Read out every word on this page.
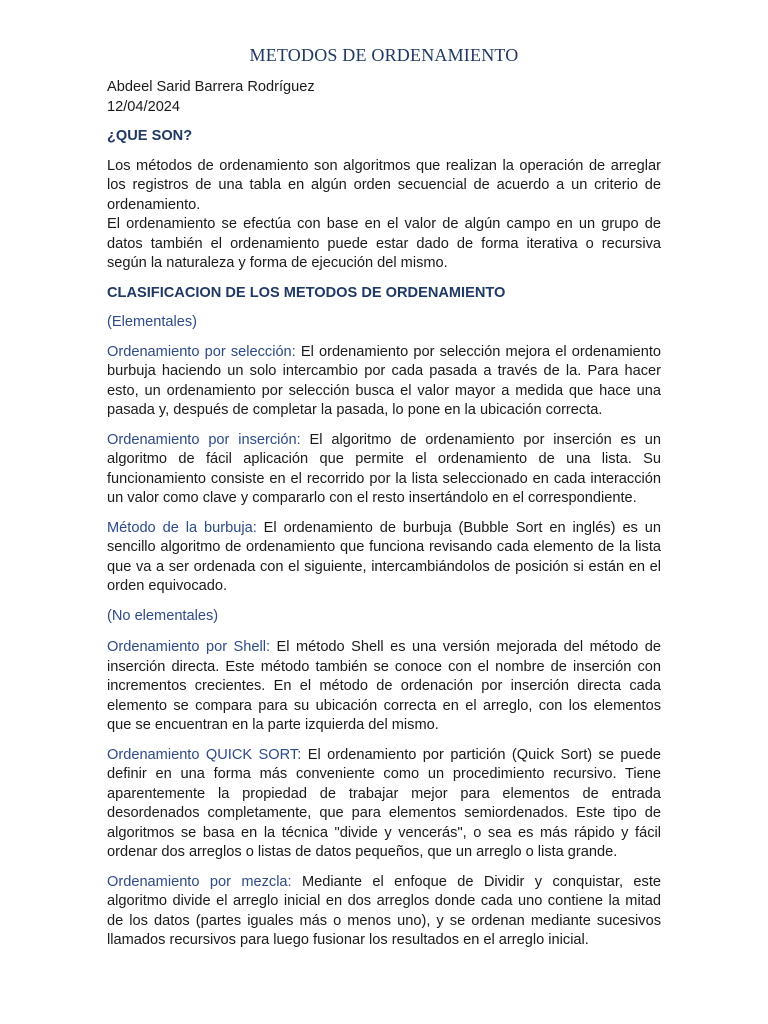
METODOS DE ORDENAMIENTO

Abdeel Sarid Barrera Rodríguez

12/04/2024

¿QUE SON?

Los métodos de ordenamiento son algoritmos que realizan la operación de arreglar los registros de una tabla en algún orden secuencial de acuerdo a un criterio de ordenamiento.

El ordenamiento se efectúa con base en el valor de algún campo en un grupo de datos también el ordenamiento puede estar dado de forma iterativa o recursiva según la naturaleza y forma de ejecución del mismo.

CLASIFICACION DE LOS METODOS DE ORDENAMIENTO

(Elementales)

Ordenamiento por selección: El ordenamiento por selección mejora el ordenamiento burbuja haciendo un solo intercambio por cada pasada a través de la. Para hacer esto, un ordenamiento por selección busca el valor mayor a medida que hace una pasada y, después de completar la pasada, lo pone en la ubicación correcta.

Ordenamiento por inserción: El algoritmo de ordenamiento por inserción es un algoritmo de fácil aplicación que permite el ordenamiento de una lista. Su funcionamiento consiste en el recorrido por la lista seleccionado en cada interacción un valor como clave y compararlo con el resto insertándolo en el correspondiente.

Método de la burbuja: El ordenamiento de burbuja (Bubble Sort en inglés) es un sencillo algoritmo de ordenamiento que funciona revisando cada elemento de la lista que va a ser ordenada con el siguiente, intercambiándolos de posición si están en el orden equivocado.

(No elementales)

Ordenamiento por Shell: El método Shell es una versión mejorada del método de inserción directa. Este método también se conoce con el nombre de inserción con incrementos crecientes. En el método de ordenación por inserción directa cada elemento se compara para su ubicación correcta en el arreglo, con los elementos que se encuentran en la parte izquierda del mismo.

Ordenamiento QUICK SORT: El ordenamiento por partición (Quick Sort) se puede definir en una forma más conveniente como un procedimiento recursivo. Tiene aparentemente la propiedad de trabajar mejor para elementos de entrada desordenados completamente, que para elementos semiordenados. Este tipo de algoritmos se basa en la técnica "divide y vencerás", o sea es más rápido y fácil ordenar dos arreglos o listas de datos pequeños, que un arreglo o lista grande.

Ordenamiento por mezcla: Mediante el enfoque de Dividir y conquistar, este algoritmo divide el arreglo inicial en dos arreglos donde cada uno contiene la mitad de los datos (partes iguales más o menos uno), y se ordenan mediante sucesivos llamados recursivos para luego fusionar los resultados en el arreglo inicial.
